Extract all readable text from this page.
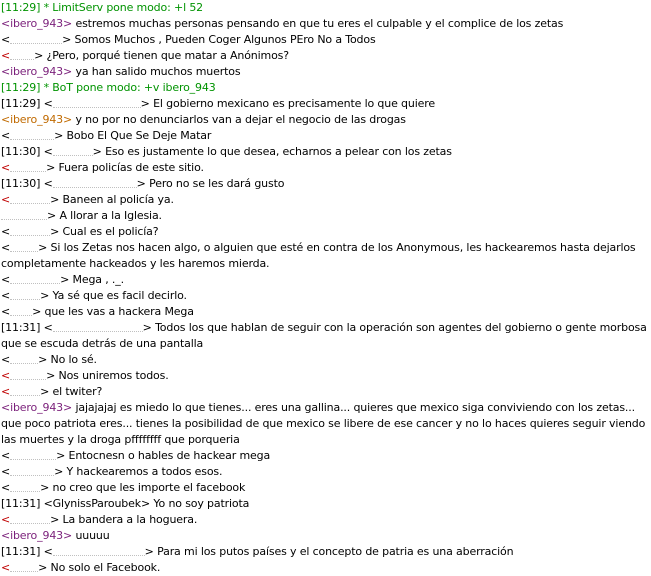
[11:29] * LimitServ pone modo: +l 52
<ibero_943> estremos muchas personas pensando en que tu eres el culpable y el complice de los zetas
<	> Somos Muchos , Pueden Coger Algunos PEro No a Todos
< > ¿Pero, porqué tienen que matar a Anónimos?
<ibero_943> ya han salido muchos muertos
[11:29] * BoT pone modo: +v ibero_943
[11:29] <	> El gobierno mexicano es precisamente lo que quiere
<ibero_943> y no por no denunciarlos van a dejar el negocio de las drogas
<	> Bobo El Que Se Deje Matar
[11:30] <	> Eso es justamente lo que desea, echarnos a pelear con los zetas
<	> Fuera policías de este sitio.
[11:30] <	> Pero no se les dará gusto
<	> Baneen al policía ya.
> A llorar a la Iglesia.
<	> Cual es el policía?
<	> Si los Zetas nos hacen algo, o alguien que esté en contra de los Anonymous, les hackearemos hasta dejarlos completamente hackeados y les haremos mierda.
<	> Mega , ._.
<	> Ya sé que es facil decirlo.
< > que les vas a hackera Mega
[11:31] <	> Todos los que hablan de seguir con la operación son agentes del gobierno o gente morbosa que se escuda detrás de una pantalla
<	> No lo sé.
<	> Nos uniremos todos.
<	> el twiter?
<ibero_943> jajajajaj es miedo lo que tienes... eres una gallina... quieres que mexico siga conviviendo con los zetas... que poco patriota eres... tienes la posibilidad de que mexico se libere de ese cancer y no lo haces quieres seguir viendo las muertes y la droga pffffffff que porqueria
<	> Entocnesn o hables de hackear mega
<	> Y hackearemos a todos esos.
<	> no creo que les importe el facebook
[11:31] <GlynissParoubek> Yo no soy patriota
<	> La bandera a la hoguera.
<ibero_943> uuuuu
[11:31] <	> Para mi los putos países y el concepto de patria es una aberración
<	> No solo el Facebook.
